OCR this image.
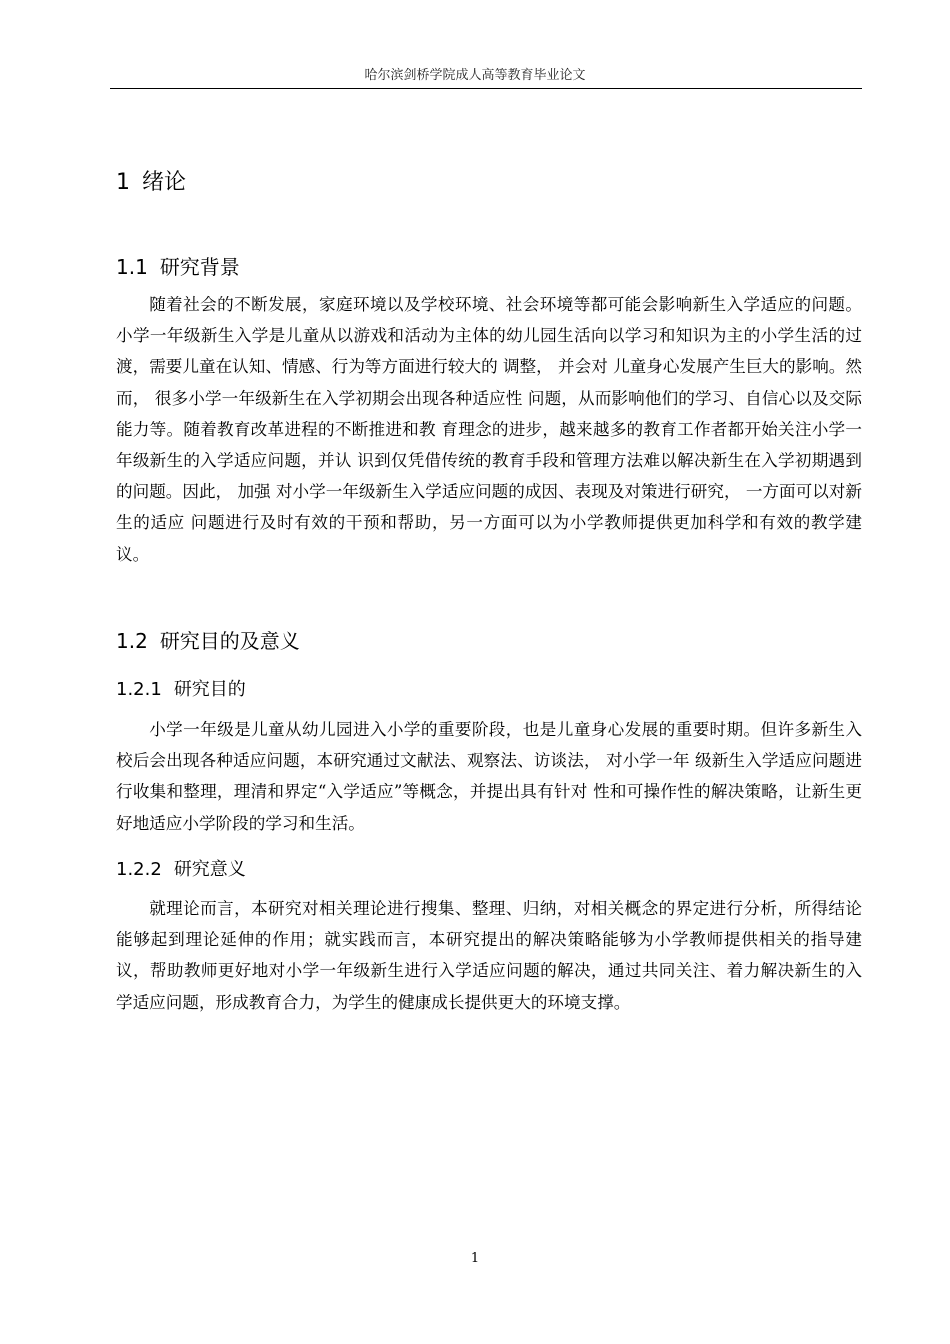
哈尔滨剑桥学院成人高等教育毕业论文
1 绪论
1.1 研究背景

随着社会的不断发展，家庭环境以及学校环境、社会环境等都可能会影响新生入学适应的问题。小学一年级新生入学是儿童从以游戏和活动为主体的幼儿园生活向以学习和知识为主的小学生活的过渡，需要儿童在认知、情感、行为等方面进行较大的 调整， 并会对 儿童身心发展产生巨大的影响。然而， 很多小学一年级新生在入学初期会出现各种适应性 问题，从而影响他们的学习、自信心以及交际能力等。随着教育改革进程的不断推进和教 育理念的进步，越来越多的教育工作者都开始关注小学一年级新生的入学适应问题，并认 识到仅凭借传统的教育手段和管理方法难以解决新生在入学初期遇到的问题。因此， 加强 对小学一年级新生入学适应问题的成因、表现及对策进行研究， 一方面可以对新生的适应 问题进行及时有效的干预和帮助，另一方面可以为小学教师提供更加科学和有效的教学建 议。

1.2 研究目的及意义
1.2.1 研究目的

小学一年级是儿童从幼儿园进入小学的重要阶段，也是儿童身心发展的重要时期。但许多新生入校后会出现各种适应问题，本研究通过文献法、观察法、访谈法， 对小学一年 级新生入学适应问题进行收集和整理，理清和界定“入学适应”等概念，并提出具有针对 性和可操作性的解决策略，让新生更好地适应小学阶段的学习和生活。

1.2.2 研究意义

就理论而言，本研究对相关理论进行搜集、整理、归纳，对相关概念的界定进行分析，所得结论能够起到理论延伸的作用；就实践而言，本研究提出的解决策略能够为小学教师提供相关的指导建议，帮助教师更好地对小学一年级新生进行入学适应问题的解决，通过共同关注、着力解决新生的入学适应问题，形成教育合力，为学生的健康成长提供更大的环境支撑。

1
